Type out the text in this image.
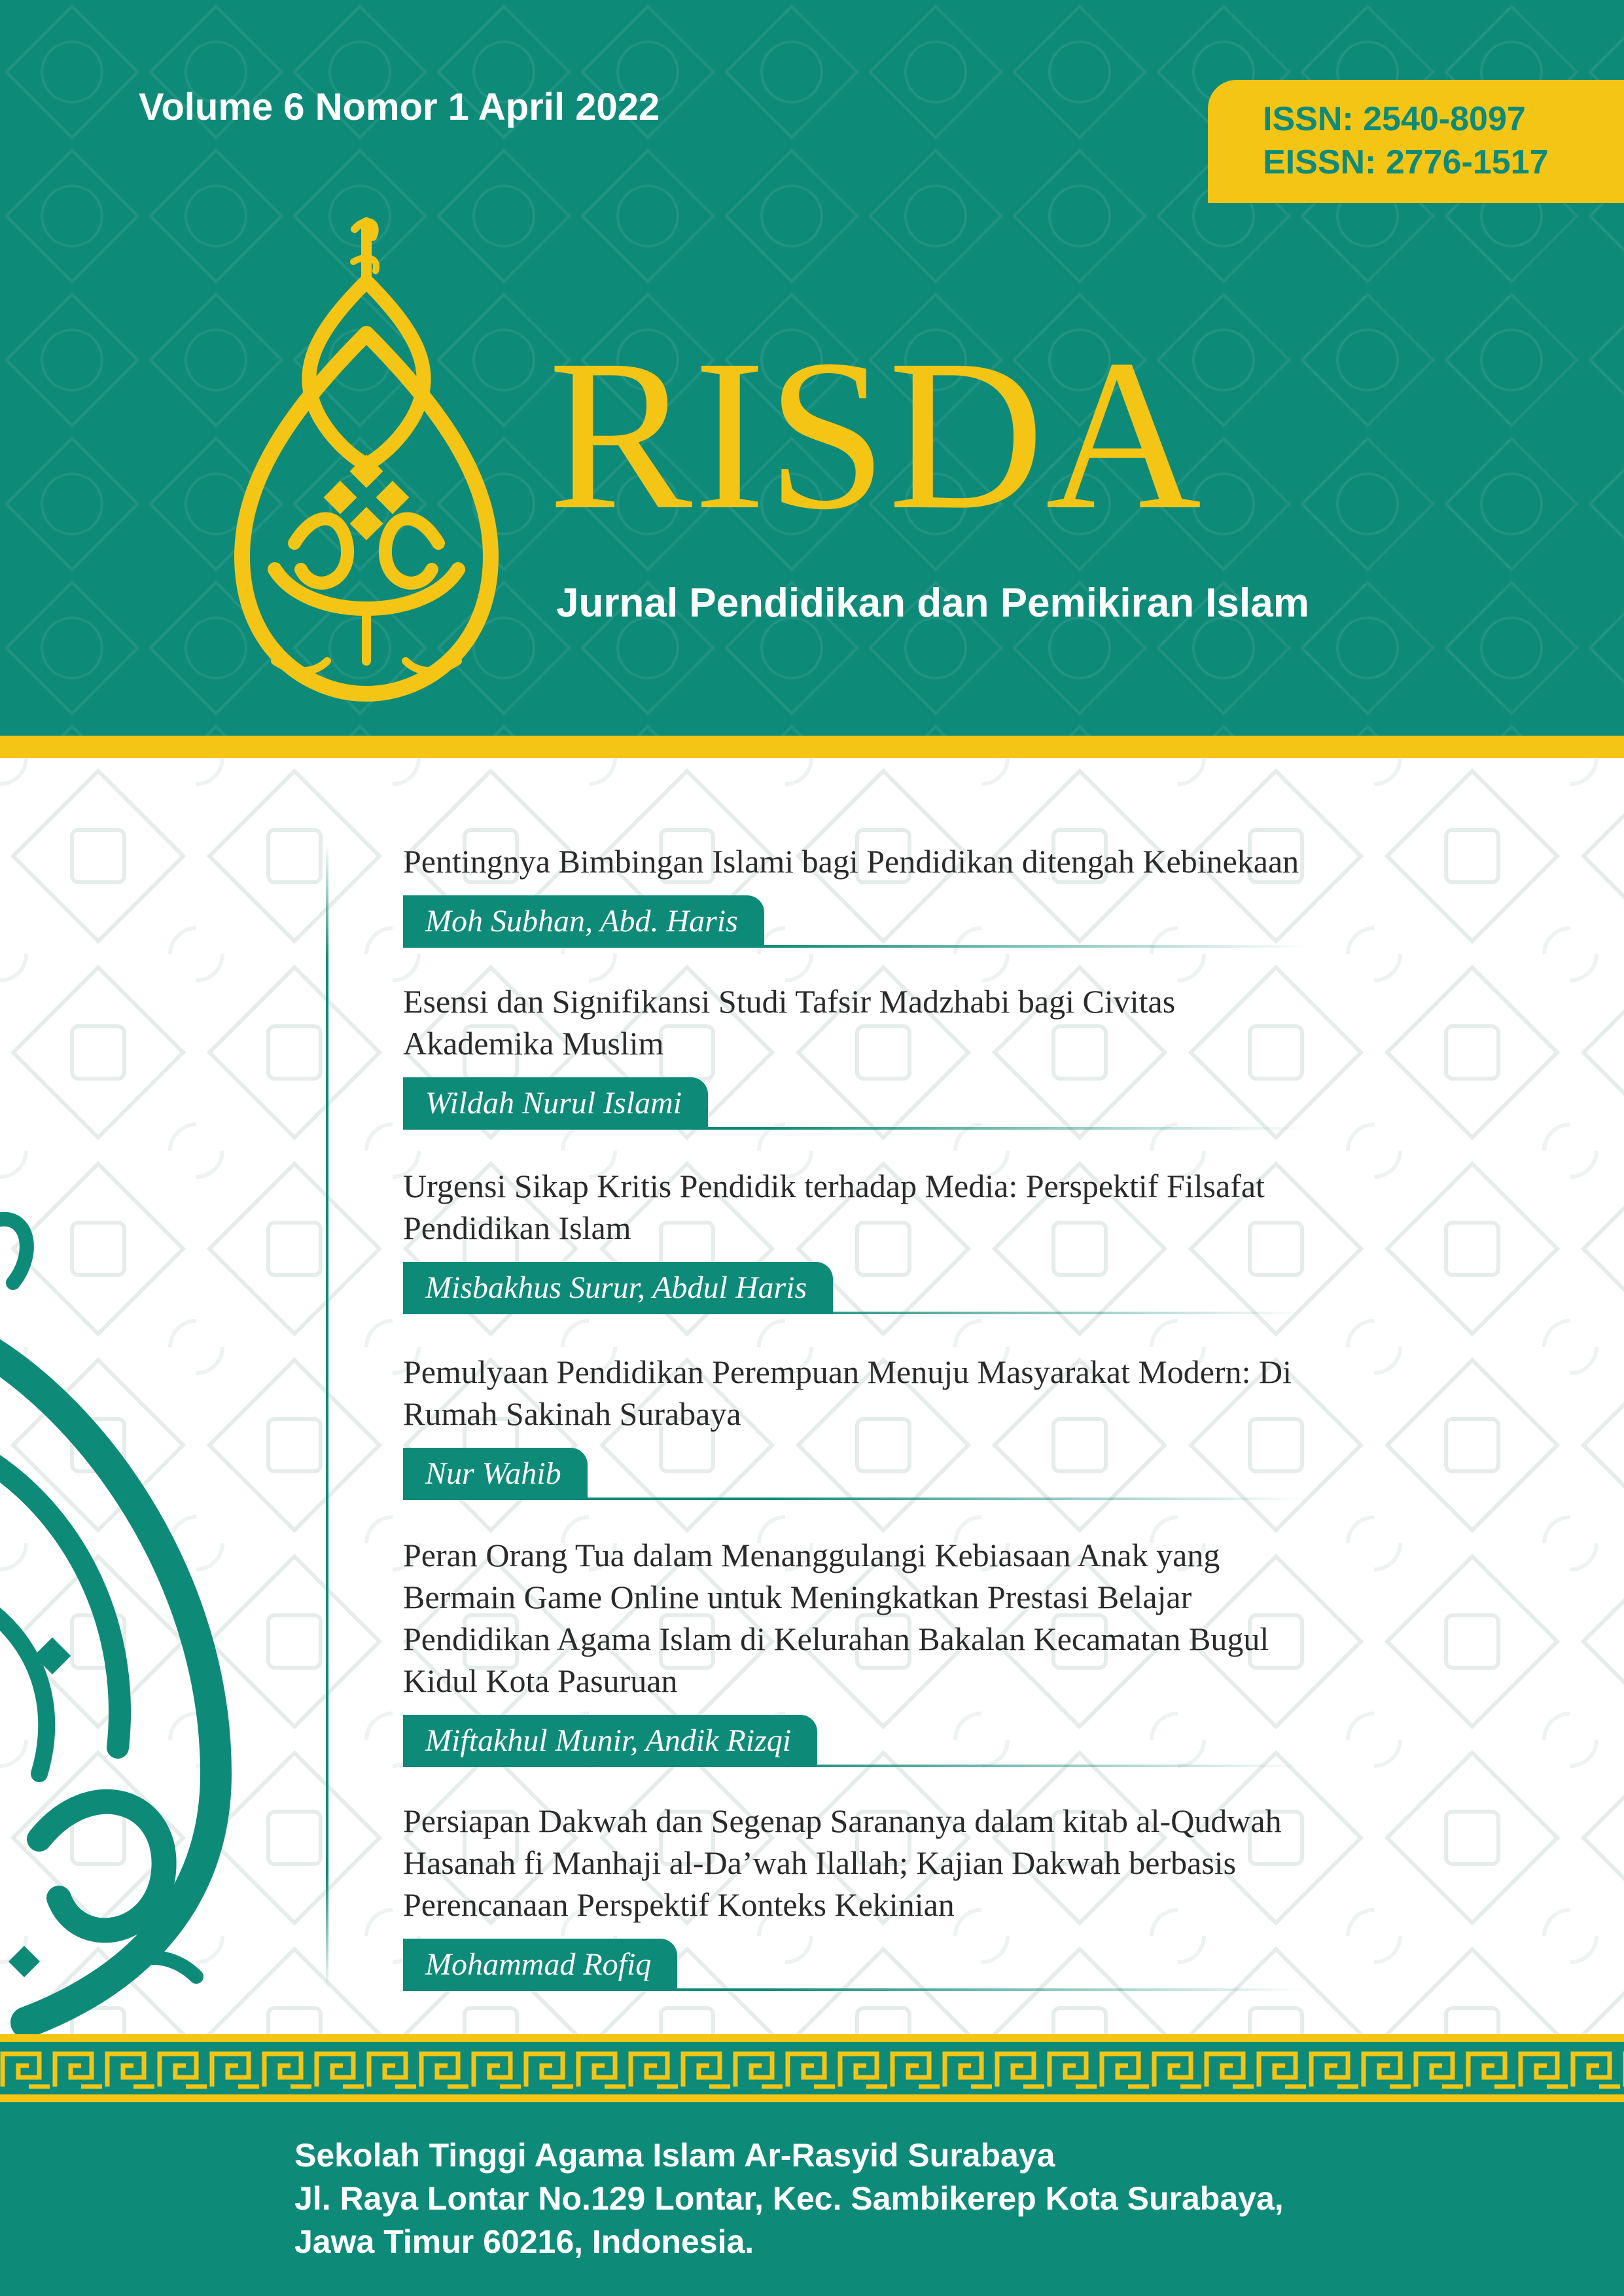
Volume 6 Nomor 1 April 2022	ISSN: 2540-8097
EISSN: 2776-1517
RISDA
Jurnal Pendidikan dan Pemikiran Islam
Pentingnya Bimbingan Islami bagi Pendidikan ditengah Kebinekaan
Moh Subhan, Abd. Haris
Esensi dan Signifikansi Studi Tafsir Madzhabi bagi Civitas
Akademika Muslim
Wildah Nurul Islami
Urgensi Sikap Kritis Pendidik terhadap Media: Perspektif Filsafat
Pendidikan Islam
Misbakhus Surur, Abdul Haris
Pemulyaan Pendidikan Perempuan Menuju Masyarakat Modern: Di
Rumah Sakinah Surabaya
Nur Wahib
Peran Orang Tua dalam Menanggulangi Kebiasaan Anak yang
Bermain Game Online untuk Meningkatkan Prestasi Belajar
Pendidikan Agama Islam di Kelurahan Bakalan Kecamatan Bugul
Kidul Kota Pasuruan
Miftakhul Munir, Andik Rizqi
Persiapan Dakwah dan Segenap Sarananya dalam kitab al-Qudwah
Hasanah fi Manhaji al-Da’wah Ilallah; Kajian Dakwah berbasis
Perencanaan Perspektif Konteks Kekinian
Mohammad Rofiq
Sekolah Tinggi Agama Islam Ar-Rasyid Surabaya
Jl. Raya Lontar No.129 Lontar, Kec. Sambikerep Kota Surabaya,
Jawa Timur 60216, Indonesia.
